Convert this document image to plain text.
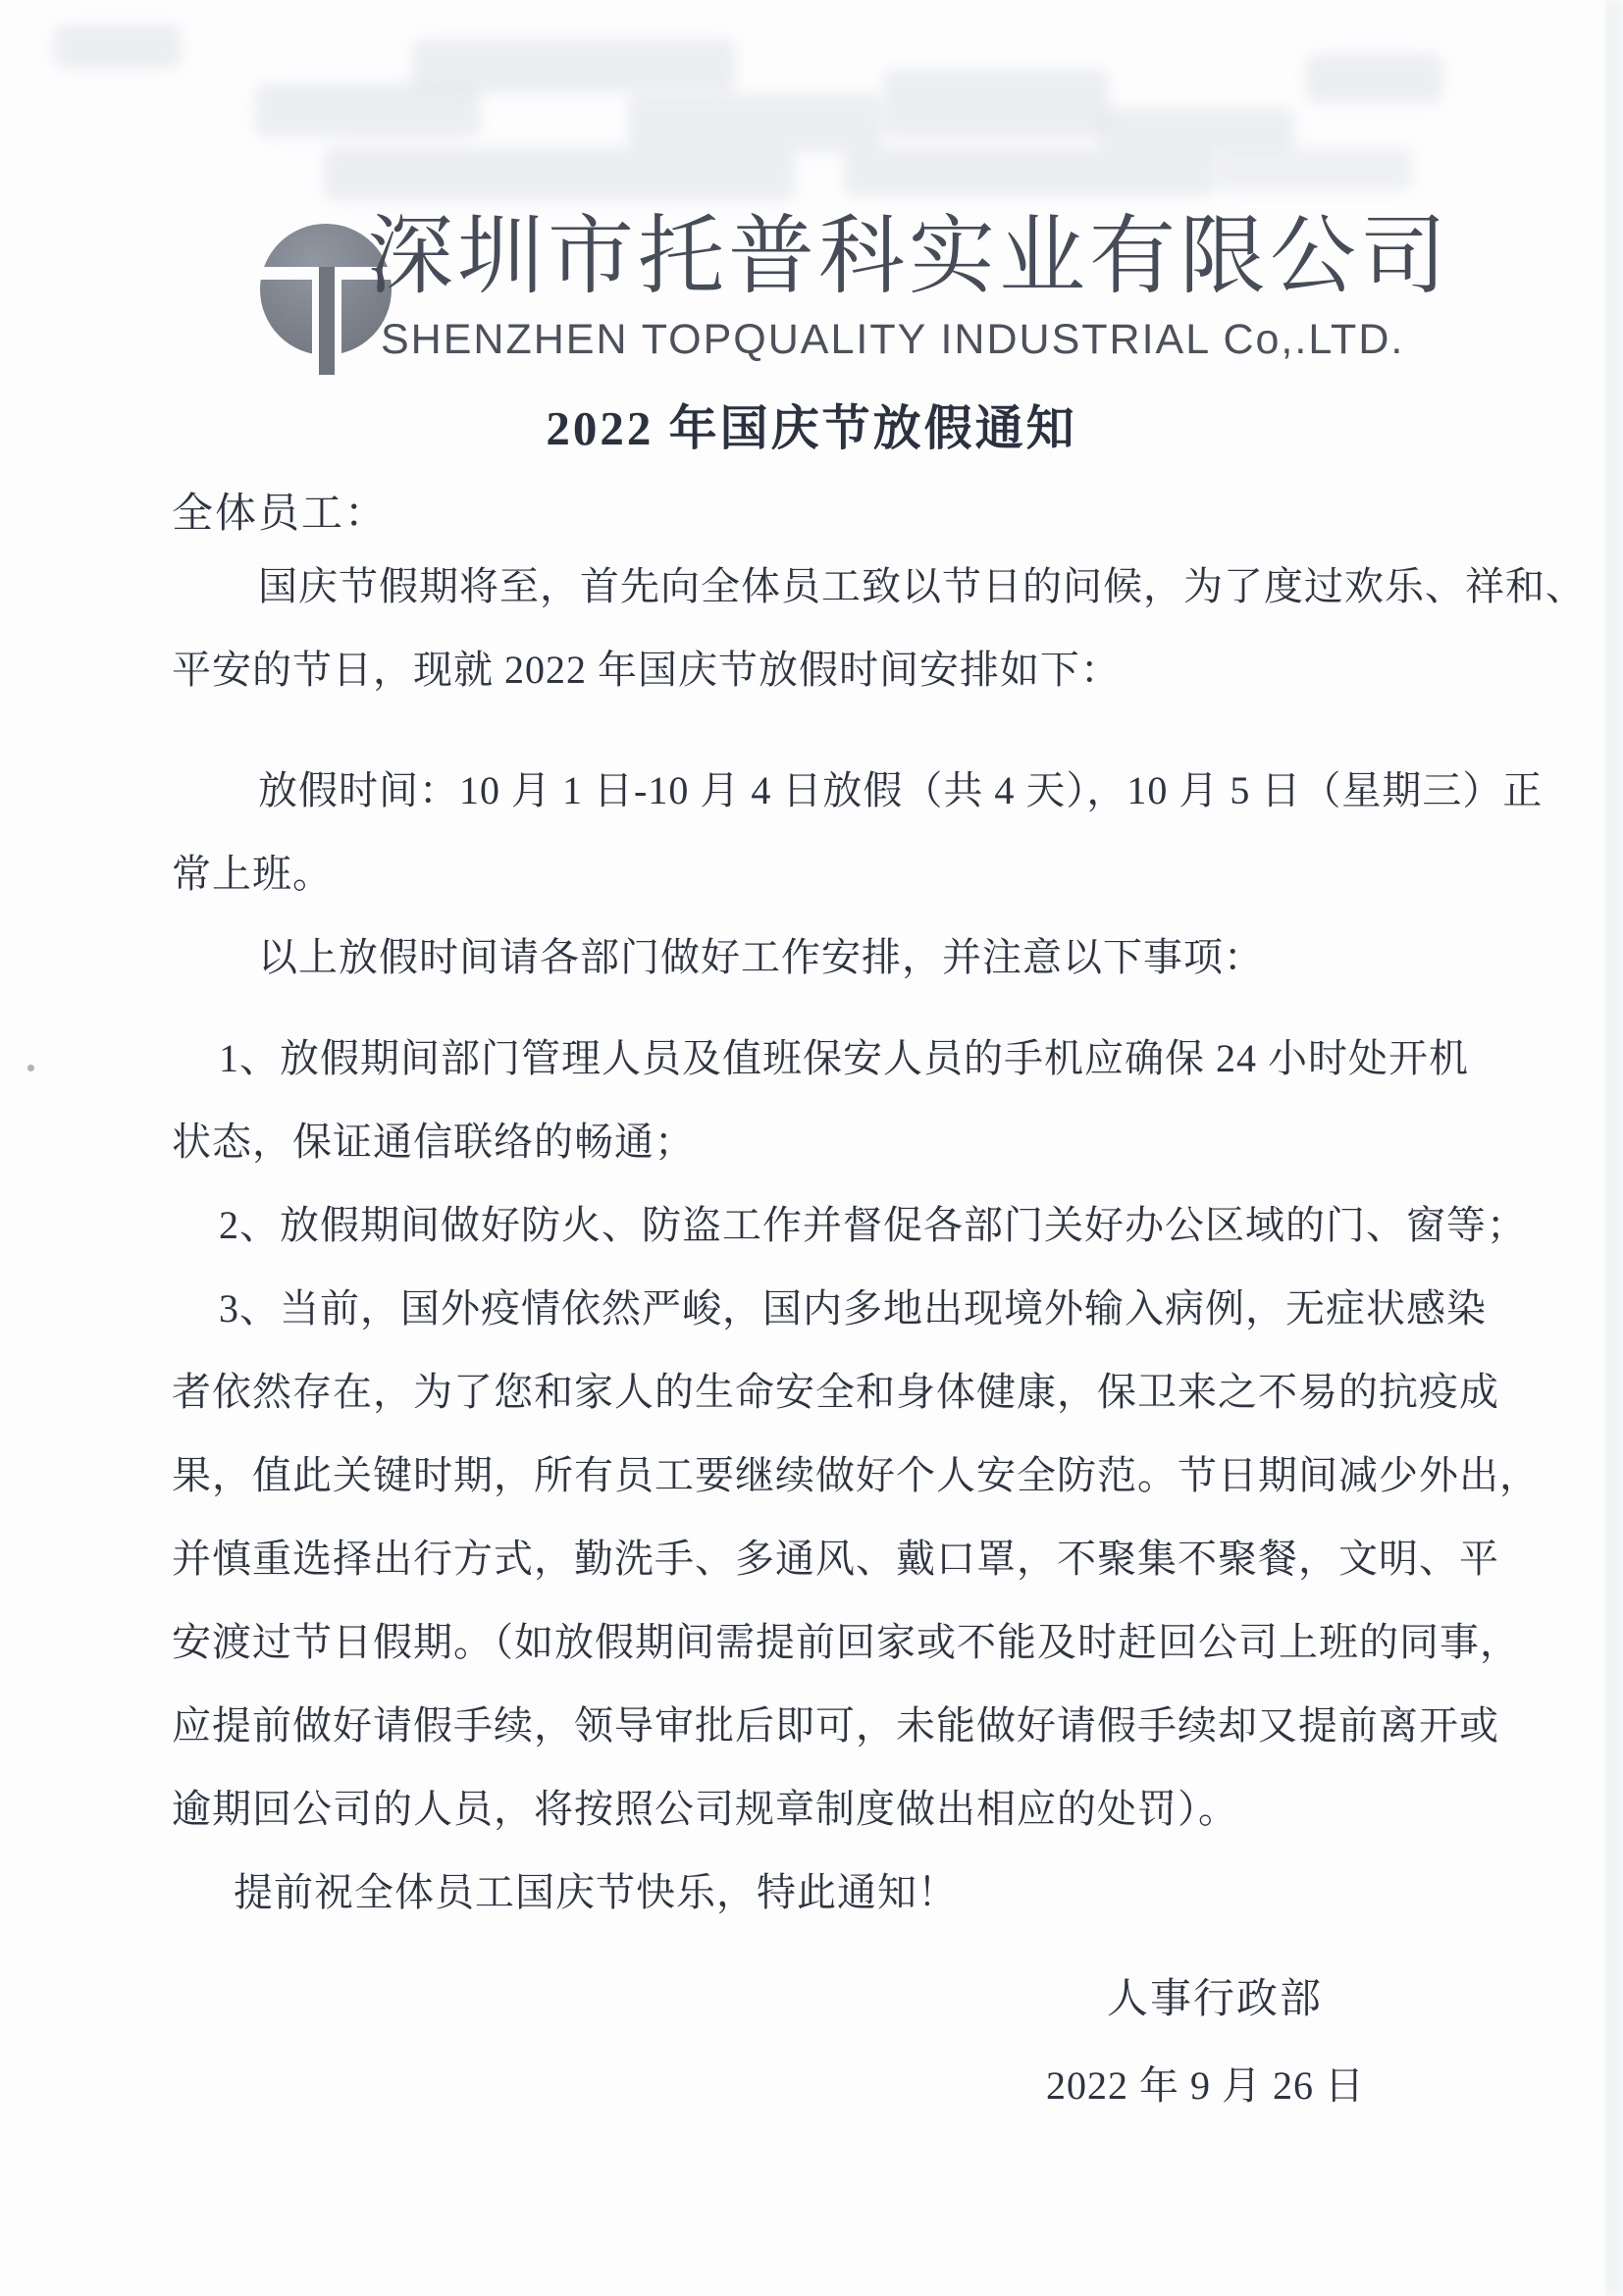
深圳市托普科实业有限公司
SHENZHEN TOPQUALITY INDUSTRIAL Co,.LTD.
2022 年国庆节放假通知
全体员工：
国庆节假期将至，首先向全体员工致以节日的问候，为了度过欢乐、祥和、
平安的节日，现就 2022 年国庆节放假时间安排如下：
放假时间：10 月 1 日-10 月 4 日放假（共 4 天），10 月 5 日（星期三）正
常上班。
以上放假时间请各部门做好工作安排，并注意以下事项：
1、放假期间部门管理人员及值班保安人员的手机应确保 24 小时处开机
状态，保证通信联络的畅通；
2、放假期间做好防火、防盗工作并督促各部门关好办公区域的门、窗等；
3、当前，国外疫情依然严峻，国内多地出现境外输入病例，无症状感染
者依然存在，为了您和家人的生命安全和身体健康，保卫来之不易的抗疫成
果，值此关键时期，所有员工要继续做好个人安全防范。节日期间减少外出，
并慎重选择出行方式，勤洗手、多通风、戴口罩，不聚集不聚餐，文明、平
安渡过节日假期。（如放假期间需提前回家或不能及时赶回公司上班的同事，
应提前做好请假手续，领导审批后即可，未能做好请假手续却又提前离开或
逾期回公司的人员，将按照公司规章制度做出相应的处罚）。
提前祝全体员工国庆节快乐，特此通知！
人事行政部
2022 年 9 月 26 日
